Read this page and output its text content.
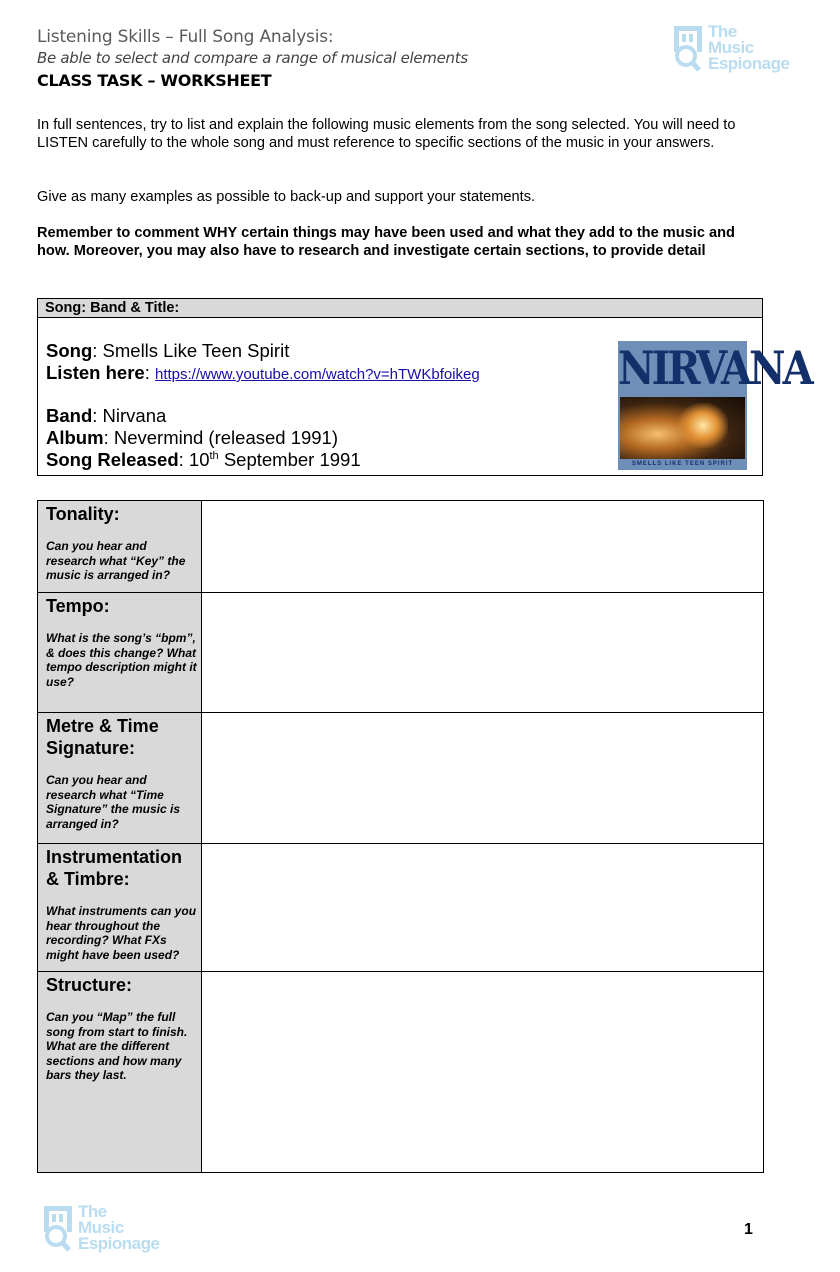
Listening Skills – Full Song Analysis:
Be able to select and compare a range of musical elements
CLASS TASK – WORKSHEET
The
Music
Espionage
In full sentences, try to list and explain the following music elements from the song selected. You will need to LISTEN carefully to the whole song and must reference to specific sections of the music in your answers.
Give as many examples as possible to back-up and support your statements.
Remember to comment WHY certain things may have been used and what they add to the music and how. Moreover, you may also have to research and investigate certain sections, to provide detail
Song: Band & Title:
Song: Smells Like Teen Spirit
Listen here: https://www.youtube.com/watch?v=hTWKbfoikeg
Band: Nirvana
Album: Nevermind (released 1991)
Song Released: 10th September 1991
NIRVANA
SMELLS LIKE TEEN SPIRIT
Tonality:
Can you hear and research what “Key” the music is arranged in?	

Tempo:
What is the song’s “bpm”, & does this change? What tempo description might it use?	

Metre & Time Signature:
Can you hear and research what “Time Signature” the music is arranged in?	

Instrumentation & Timbre:
What instruments can you hear throughout the recording? What FXs might have been used?	

Structure:
Can you “Map” the full song from start to finish. What are the different sections and how many bars they last.	

The
Music
Espionage
1
